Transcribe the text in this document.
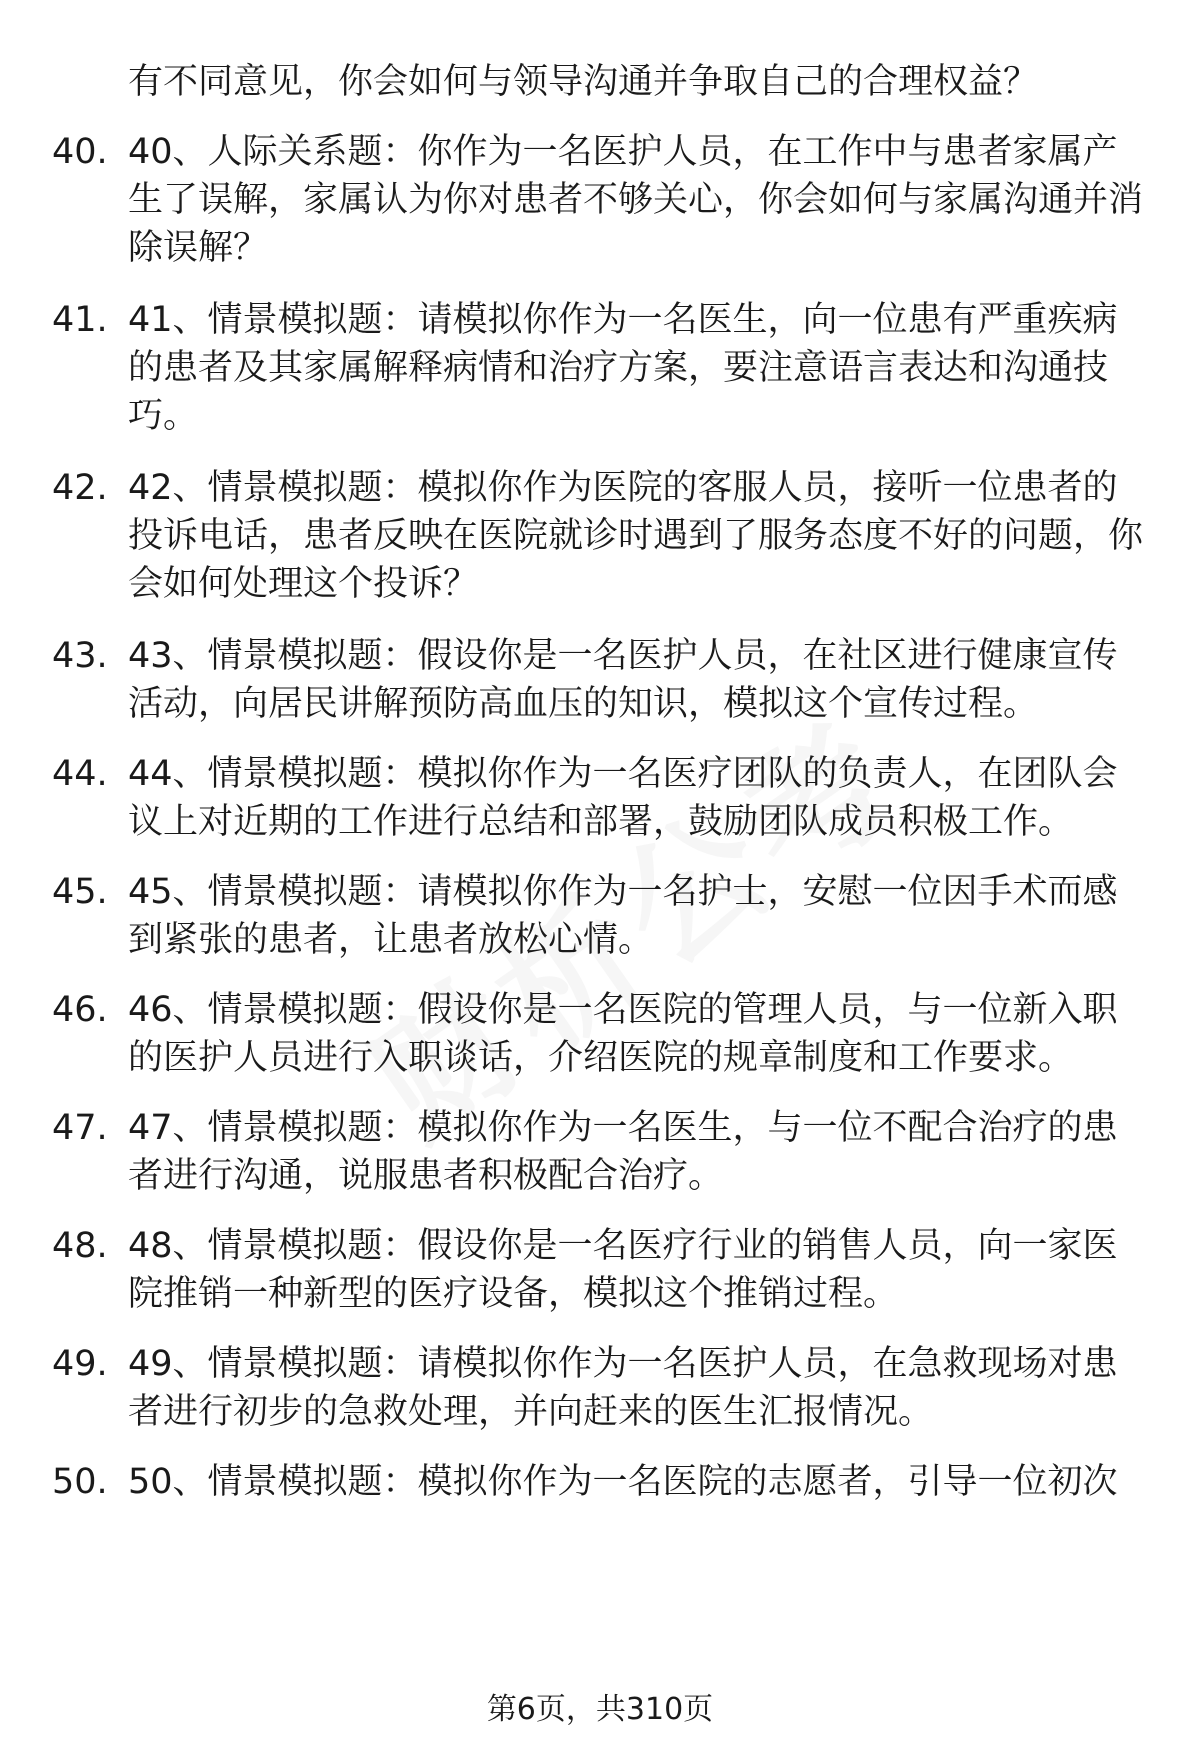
有不同意见，你会如何与领导沟通并争取自己的合理权益？
40. 40、人际关系题：你作为一名医护人员，在工作中与患者家属产生了误解，家属认为你对患者不够关心，你会如何与家属沟通并消除误解？
41. 41、情景模拟题：请模拟你作为一名医生，向一位患有严重疾病的患者及其家属解释病情和治疗方案，要注意语言表达和沟通技巧。
42. 42、情景模拟题：模拟你作为医院的客服人员，接听一位患者的投诉电话，患者反映在医院就诊时遇到了服务态度不好的问题，你会如何处理这个投诉？
43. 43、情景模拟题：假设你是一名医护人员，在社区进行健康宣传活动，向居民讲解预防高血压的知识，模拟这个宣传过程。
44. 44、情景模拟题：模拟你作为一名医疗团队的负责人，在团队会议上对近期的工作进行总结和部署，鼓励团队成员积极工作。
45. 45、情景模拟题：请模拟你作为一名护士，安慰一位因手术而感到紧张的患者，让患者放松心情。
46. 46、情景模拟题：假设你是一名医院的管理人员，与一位新入职的医护人员进行入职谈话，介绍医院的规章制度和工作要求。
47. 47、情景模拟题：模拟你作为一名医生，与一位不配合治疗的患者进行沟通，说服患者积极配合治疗。
48. 48、情景模拟题：假设你是一名医疗行业的销售人员，向一家医院推销一种新型的医疗设备，模拟这个推销过程。
49. 49、情景模拟题：请模拟你作为一名医护人员，在急救现场对患者进行初步的急救处理，并向赶来的医生汇报情况。
50. 50、情景模拟题：模拟你作为一名医院的志愿者，引导一位初次
第6页，共310页
